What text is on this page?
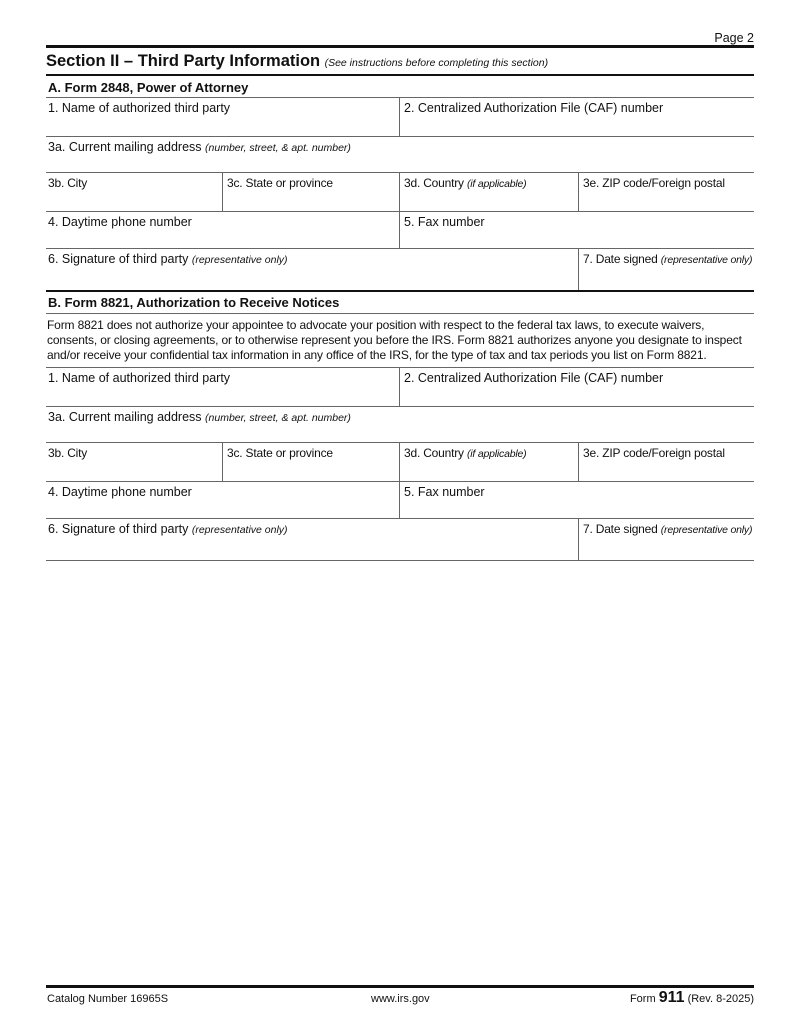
Page 2
Section II – Third Party Information (See instructions before completing this section)
A. Form 2848, Power of Attorney
1. Name of authorized third party	2. Centralized Authorization File (CAF) number
3a. Current mailing address (number, street, & apt. number)
3b. City	3c. State or province	3d. Country (if applicable)	3e. ZIP code/Foreign postal
4. Daytime phone number	5. Fax number
6. Signature of third party (representative only)	7. Date signed (representative only)
B. Form 8821, Authorization to Receive Notices
Form 8821 does not authorize your appointee to advocate your position with respect to the federal tax laws, to execute waivers, consents, or closing agreements, or to otherwise represent you before the IRS. Form 8821 authorizes anyone you designate to inspect and/or receive your confidential tax information in any office of the IRS, for the type of tax and tax periods you list on Form 8821.
1. Name of authorized third party	2. Centralized Authorization File (CAF) number
3a. Current mailing address (number, street, & apt. number)
3b. City	3c. State or province	3d. Country (if applicable)	3e. ZIP code/Foreign postal
4. Daytime phone number	5. Fax number
6. Signature of third party (representative only)	7. Date signed (representative only)
Catalog Number 16965S	www.irs.gov	Form 911 (Rev. 8-2025)
